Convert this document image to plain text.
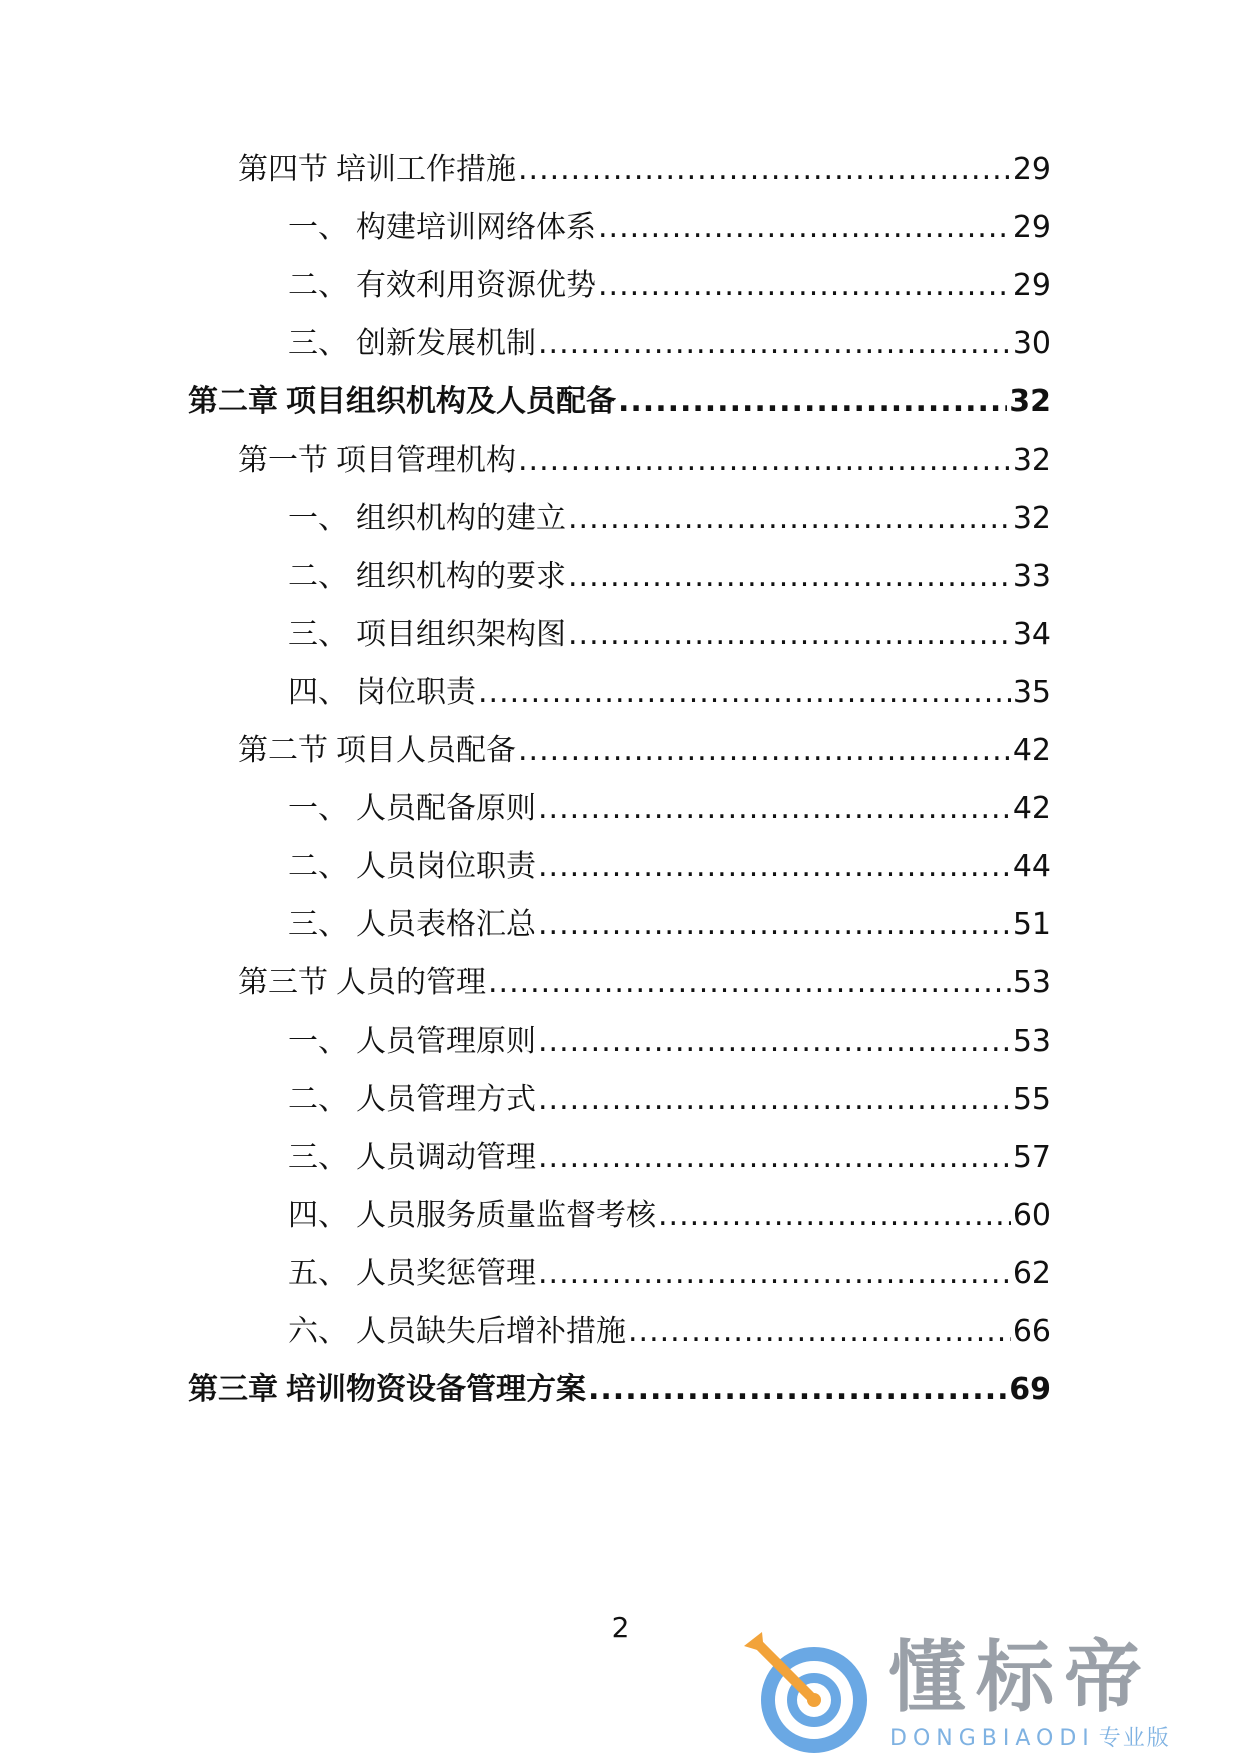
第四节 培训工作措施 .....	29
一、 构建培训网络体系 .....	29
二、 有效利用资源优势 .....	29
三、 创新发展机制 .....	30
第二章 项目组织机构及人员配备 .....	32
第一节 项目管理机构 .....	32
一、 组织机构的建立 .....	32
二、 组织机构的要求 .....	33
三、 项目组织架构图 .....	34
四、 岗位职责 .....	35
第二节 项目人员配备 .....	42
一、 人员配备原则 .....	42
二、 人员岗位职责 .....	44
三、 人员表格汇总 .....	51
第三节 人员的管理 .....	53
一、 人员管理原则 .....	53
二、 人员管理方式 .....	55
三、 人员调动管理 .....	57
四、 人员服务质量监督考核 .....	60
五、 人员奖惩管理 .....	62
六、 人员缺失后增补措施 .....	66
第三章 培训物资设备管理方案 .....	69
2
懂标帝
DONGBIAODI 专业版
